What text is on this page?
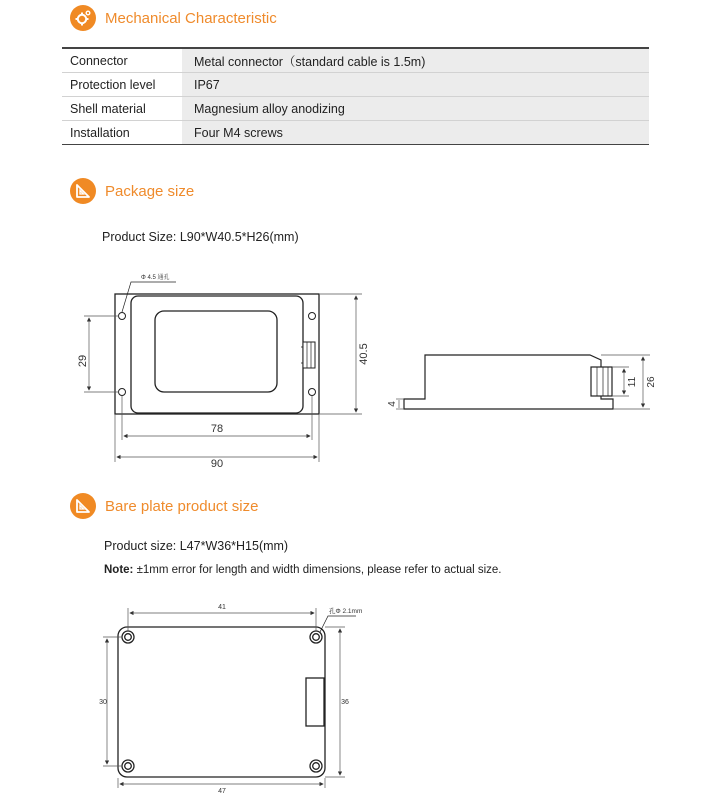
Mechanical Characteristic
Connector	Metal connector（standard cable is 1.5m)
Protection level	IP67
Shell material	Magnesium alloy anodizing
Installation	Four M4 screws
Package size
Product Size: L90*W40.5*H26(mm)
Bare plate product size
Product size: L47*W36*H15(mm)
Note: ±1mm error for length and width dimensions, please refer to actual size.
Φ 4.5 通孔
29	40.5
78
90
4
11 26
41
孔Φ 2.1mm
30	36
47
